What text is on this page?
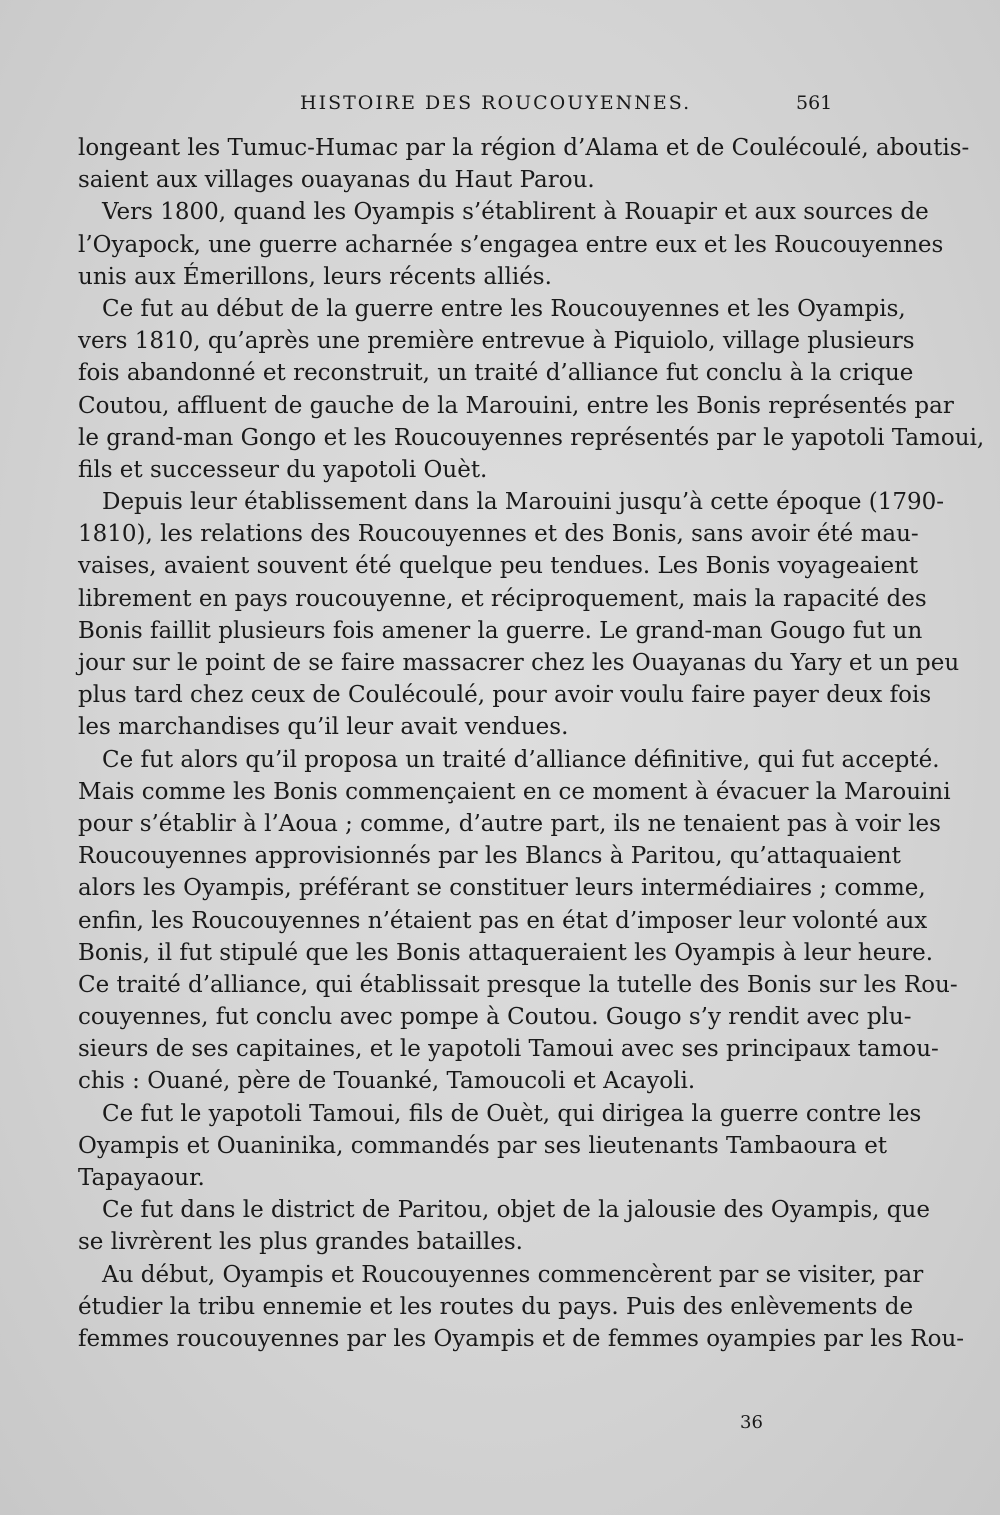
HISTOIRE DES ROUCOUYENNES.	561
longeant les Tumuc-Humac par la région d’Alama et de Coulécoulé, aboutis-
saient aux villages ouayanas du Haut Parou.
Vers 1800, quand les Oyampis s’établirent à Rouapir et aux sources de
l’Oyapock, une guerre acharnée s’engagea entre eux et les Roucouyennes
unis aux Émerillons, leurs récents alliés.
Ce fut au début de la guerre entre les Roucouyennes et les Oyampis,
vers 1810, qu’après une première entrevue à Piquiolo, village plusieurs
fois abandonné et reconstruit, un traité d’alliance fut conclu à la crique
Coutou, affluent de gauche de la Marouini, entre les Bonis représentés par
le grand-man Gongo et les Roucouyennes représentés par le yapotoli Tamoui,
fils et successeur du yapotoli Ouèt.
Depuis leur établissement dans la Marouini jusqu’à cette époque (1790-
1810), les relations des Roucouyennes et des Bonis, sans avoir été mau-
vaises, avaient souvent été quelque peu tendues. Les Bonis voyageaient
librement en pays roucouyenne, et réciproquement, mais la rapacité des
Bonis faillit plusieurs fois amener la guerre. Le grand-man Gougo fut un
jour sur le point de se faire massacrer chez les Ouayanas du Yary et un peu
plus tard chez ceux de Coulécoulé, pour avoir voulu faire payer deux fois
les marchandises qu’il leur avait vendues.
Ce fut alors qu’il proposa un traité d’alliance définitive, qui fut accepté.
Mais comme les Bonis commençaient en ce moment à évacuer la Marouini
pour s’établir à l’Aoua ; comme, d’autre part, ils ne tenaient pas à voir les
Roucouyennes approvisionnés par les Blancs à Paritou, qu’attaquaient
alors les Oyampis, préférant se constituer leurs intermédiaires ; comme,
enfin, les Roucouyennes n’étaient pas en état d’imposer leur volonté aux
Bonis, il fut stipulé que les Bonis attaqueraient les Oyampis à leur heure.
Ce traité d’alliance, qui établissait presque la tutelle des Bonis sur les Rou-
couyennes, fut conclu avec pompe à Coutou. Gougo s’y rendit avec plu-
sieurs de ses capitaines, et le yapotoli Tamoui avec ses principaux tamou-
chis : Ouané, père de Touanké, Tamoucoli et Acayoli.
Ce fut le yapotoli Tamoui, fils de Ouèt, qui dirigea la guerre contre les
Oyampis et Ouaninika, commandés par ses lieutenants Tambaoura et
Tapayaour.
Ce fut dans le district de Paritou, objet de la jalousie des Oyampis, que
se livrèrent les plus grandes batailles.
Au début, Oyampis et Roucouyennes commencèrent par se visiter, par
étudier la tribu ennemie et les routes du pays. Puis des enlèvements de
femmes roucouyennes par les Oyampis et de femmes oyampies par les Rou-
36
